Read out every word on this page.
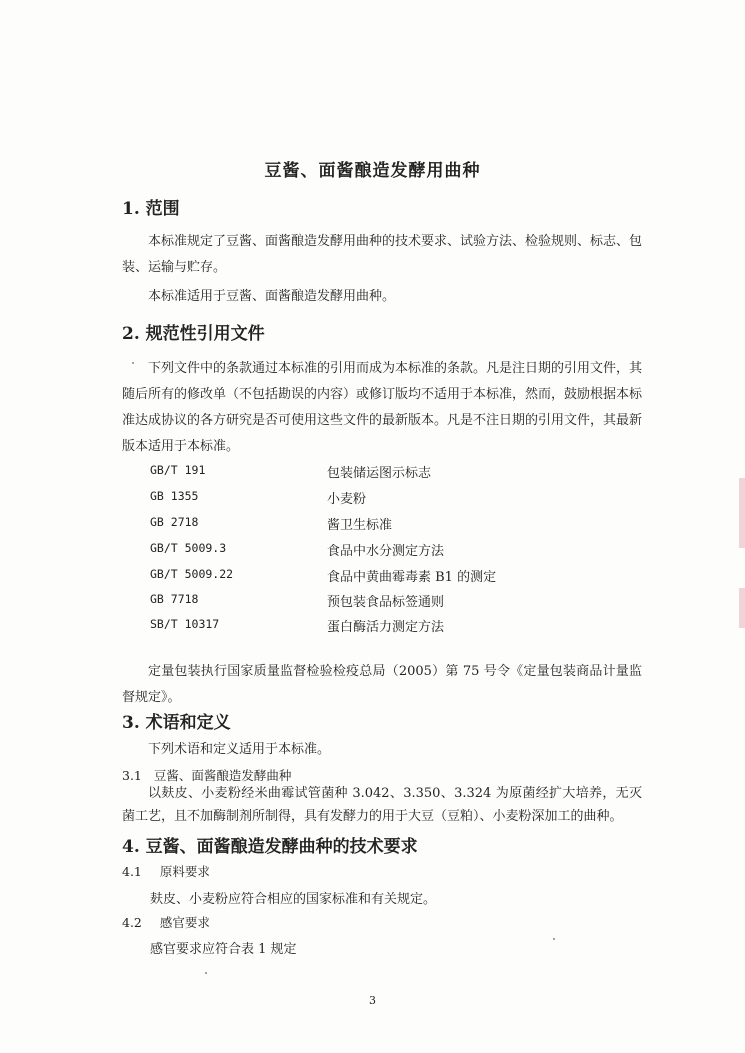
豆酱、面酱酿造发酵用曲种
1. 范围
本标准规定了豆酱、面酱酿造发酵用曲种的技术要求、试验方法、检验规则、标志、包装、运输与贮存。
本标准适用于豆酱、面酱酿造发酵用曲种。
2. 规范性引用文件
下列文件中的条款通过本标准的引用而成为本标准的条款。凡是注日期的引用文件，其随后所有的修改单（不包括勘误的内容）或修订版均不适用于本标准，然而，鼓励根据本标准达成协议的各方研究是否可使用这些文件的最新版本。凡是不注日期的引用文件，其最新版本适用于本标准。
GB/T 191	包装储运图示标志
GB 1355	小麦粉
GB 2718	酱卫生标准
GB/T 5009.3	食品中水分测定方法
GB/T 5009.22	食品中黄曲霉毒素 B1 的测定
GB 7718	预包装食品标签通则
SB/T 10317	蛋白酶活力测定方法
定量包装执行国家质量监督检验检疫总局（2005）第 75 号令《定量包装商品计量监督规定》。
3. 术语和定义
下列术语和定义适用于本标准。
3.1 豆酱、面酱酿造发酵曲种
以麸皮、小麦粉经米曲霉试管菌种 3.042、3.350、3.324 为原菌经扩大培养，无灭菌工艺，且不加酶制剂所制得，具有发酵力的用于大豆（豆粕）、小麦粉深加工的曲种。
4. 豆酱、面酱酿造发酵曲种的技术要求
4.1 原料要求
麸皮、小麦粉应符合相应的国家标准和有关规定。
4.2 感官要求
感官要求应符合表 1 规定
3
